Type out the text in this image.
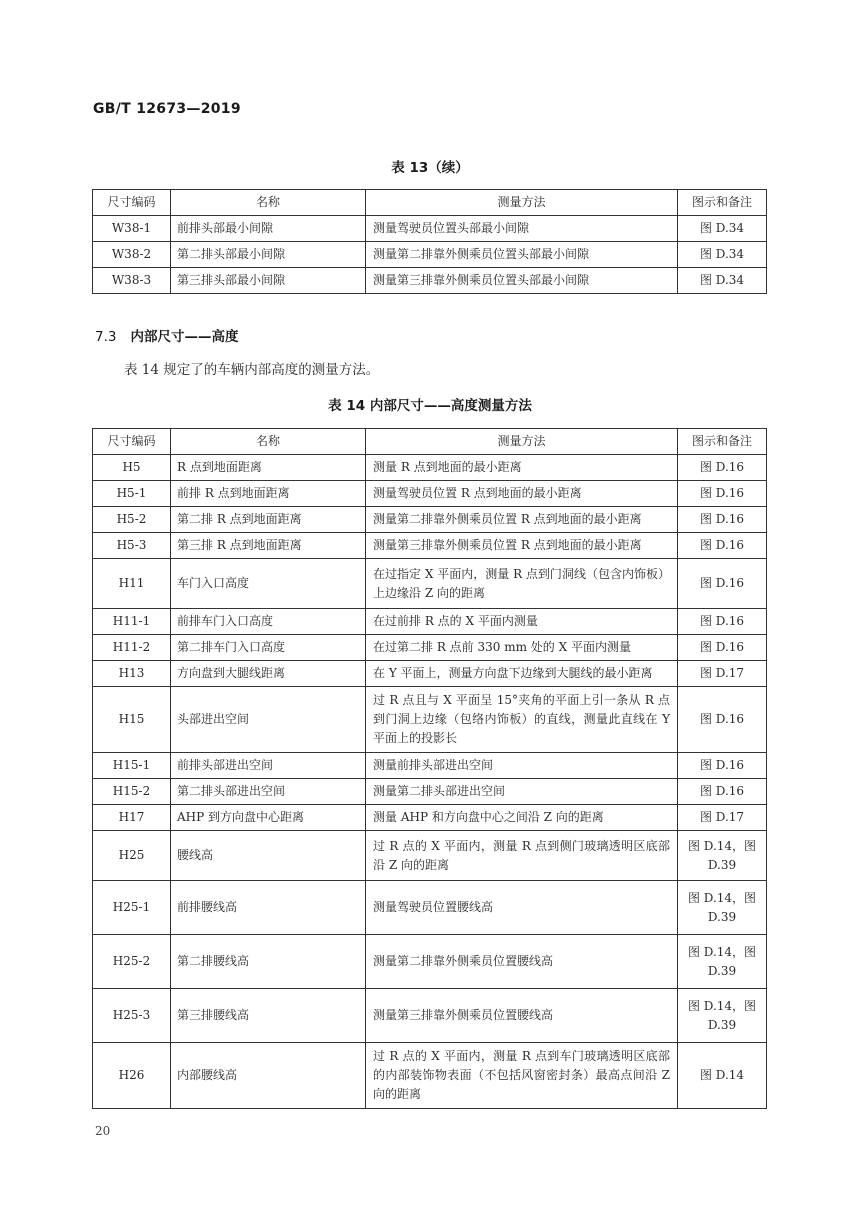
GB/T 12673—2019
表 13（续）
尺寸编码	名称	测量方法	图示和备注
W38-1	前排头部最小间隙	测量驾驶员位置头部最小间隙	图 D.34
W38-2	第二排头部最小间隙	测量第二排靠外侧乘员位置头部最小间隙	图 D.34
W38-3	第三排头部最小间隙	测量第三排靠外侧乘员位置头部最小间隙	图 D.34
7.3 内部尺寸——高度
表 14 规定了的车辆内部高度的测量方法。
表 14 内部尺寸——高度测量方法
尺寸编码	名称	测量方法	图示和备注
H5	R 点到地面距离	测量 R 点到地面的最小距离	图 D.16
H5-1	前排 R 点到地面距离	测量驾驶员位置 R 点到地面的最小距离	图 D.16
H5-2	第二排 R 点到地面距离	测量第二排靠外侧乘员位置 R 点到地面的最小距离	图 D.16
H5-3	第三排 R 点到地面距离	测量第三排靠外侧乘员位置 R 点到地面的最小距离	图 D.16
H11	车门入口高度	在过指定 X 平面内，测量 R 点到门洞线（包含内饰板）上边缘沿 Z 向的距离	图 D.16
H11-1	前排车门入口高度	在过前排 R 点的 X 平面内测量	图 D.16
H11-2	第二排车门入口高度	在过第二排 R 点前 330 mm 处的 X 平面内测量	图 D.16
H13	方向盘到大腿线距离	在 Y 平面上，测量方向盘下边缘到大腿线的最小距离	图 D.17
H15	头部进出空间	过 R 点且与 X 平面呈 15°夹角的平面上引一条从 R 点到门洞上边缘（包络内饰板）的直线，测量此直线在 Y 平面上的投影长	图 D.16
H15-1	前排头部进出空间	测量前排头部进出空间	图 D.16
H15-2	第二排头部进出空间	测量第二排头部进出空间	图 D.16
H17	AHP 到方向盘中心距离	测量 AHP 和方向盘中心之间沿 Z 向的距离	图 D.17
H25	腰线高	过 R 点的 X 平面内，测量 R 点到侧门玻璃透明区底部沿 Z 向的距离	图 D.14，图 D.39
H25-1	前排腰线高	测量驾驶员位置腰线高	图 D.14，图 D.39
H25-2	第二排腰线高	测量第二排靠外侧乘员位置腰线高	图 D.14，图 D.39
H25-3	第三排腰线高	测量第三排靠外侧乘员位置腰线高	图 D.14，图 D.39
H26	内部腰线高	过 R 点的 X 平面内，测量 R 点到车门玻璃透明区底部的内部装饰物表面（不包括风窗密封条）最高点间沿 Z 向的距离	图 D.14
20
